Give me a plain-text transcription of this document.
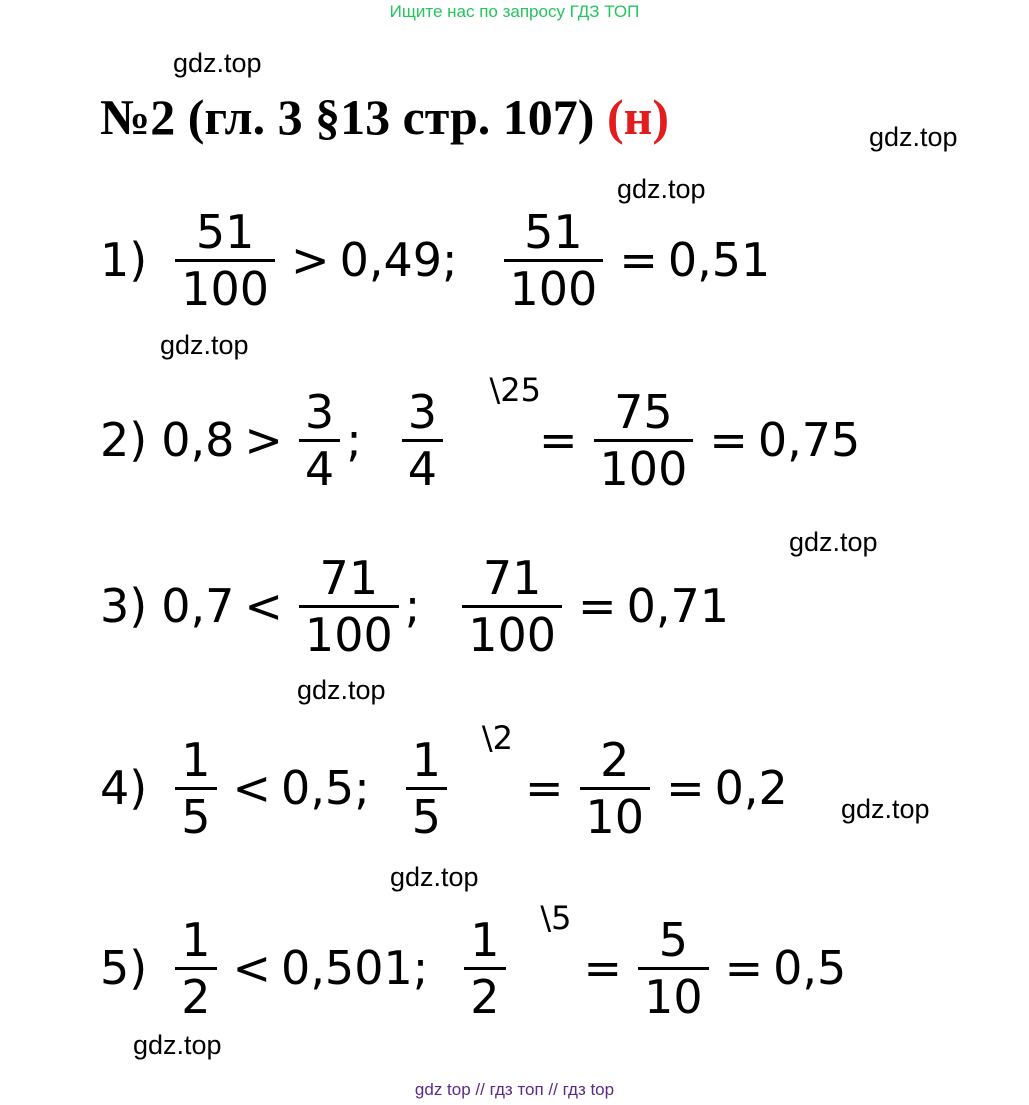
Ищите нас по запросу ГДЗ ТОП
gdz.top
gdz.top
gdz.top
gdz.top
gdz.top
gdz.top
gdz.top
gdz.top
gdz.top
№2 (гл. 3 §13 стр. 107) (н)
$1) \frac{51}{100} > 0,49$; $\frac{51}{100} = 0,51$
2) $0,8 > \frac{3}{4}$ ; $\frac{3}{4}$ \25
= $\frac{75}{100} = 0,75$
3) $0,7 < \frac{71}{100}$ ; $\frac{71}{100} = 0,71$
$4) \frac{1}{5} < 0,5$; $\frac{1}{5}$ \2
= $\frac{2}{10} = 0,2$
$5) \frac{1}{2} < 0,501$; $\frac{1}{2}$ \5
= $\frac{5}{10} = 0,5$
gdz top // гдз топ // гдз top
